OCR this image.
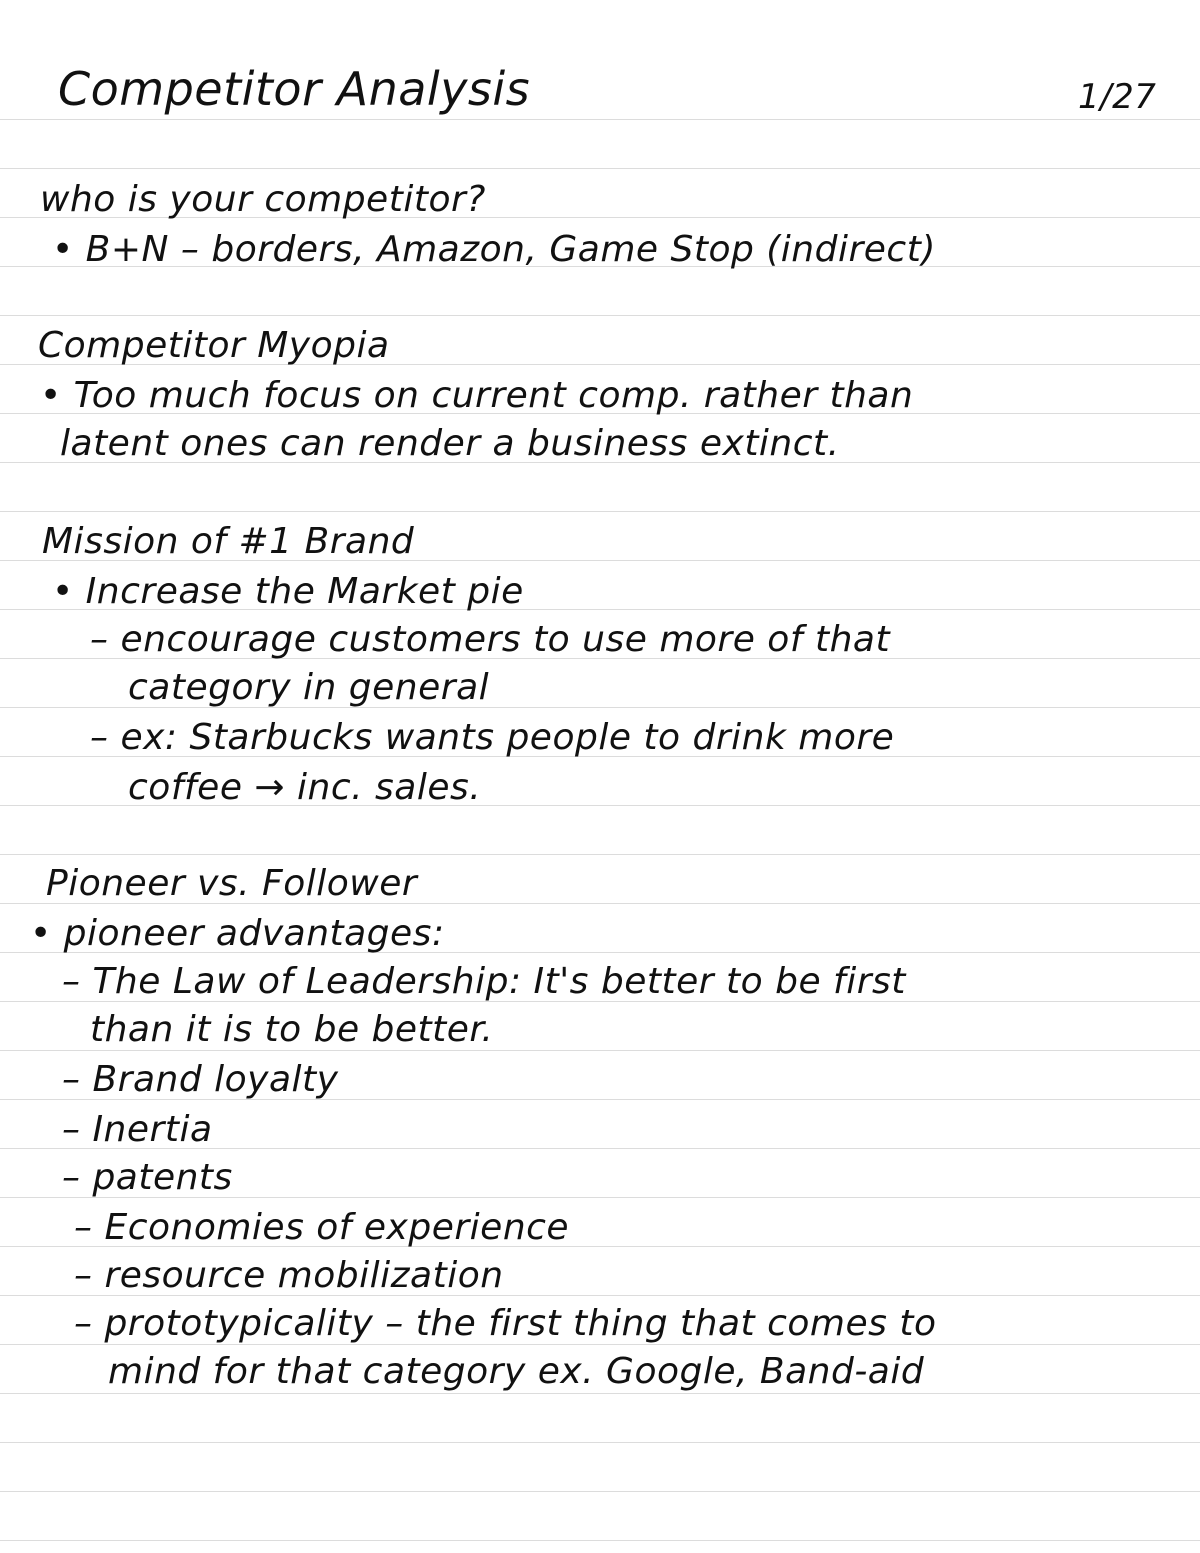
Competitor Analysis	1/27
who is your competitor?
• B+N – borders, Amazon, Game Stop (indirect)
Competitor Myopia
• Too much focus on current comp. rather than
latent ones can render a business extinct.
Mission of #1 Brand
• Increase the Market pie
– encourage customers to use more of that
category in general
– ex: Starbucks wants people to drink more
coffee → inc. sales.
Pioneer vs. Follower
• pioneer advantages:
– The Law of Leadership: It's better to be first
than it is to be better.
– Brand loyalty
– Inertia
– patents
– Economies of experience
– resource mobilization
– prototypicality – the first thing that comes to
mind for that category ex. Google, Band-aid
